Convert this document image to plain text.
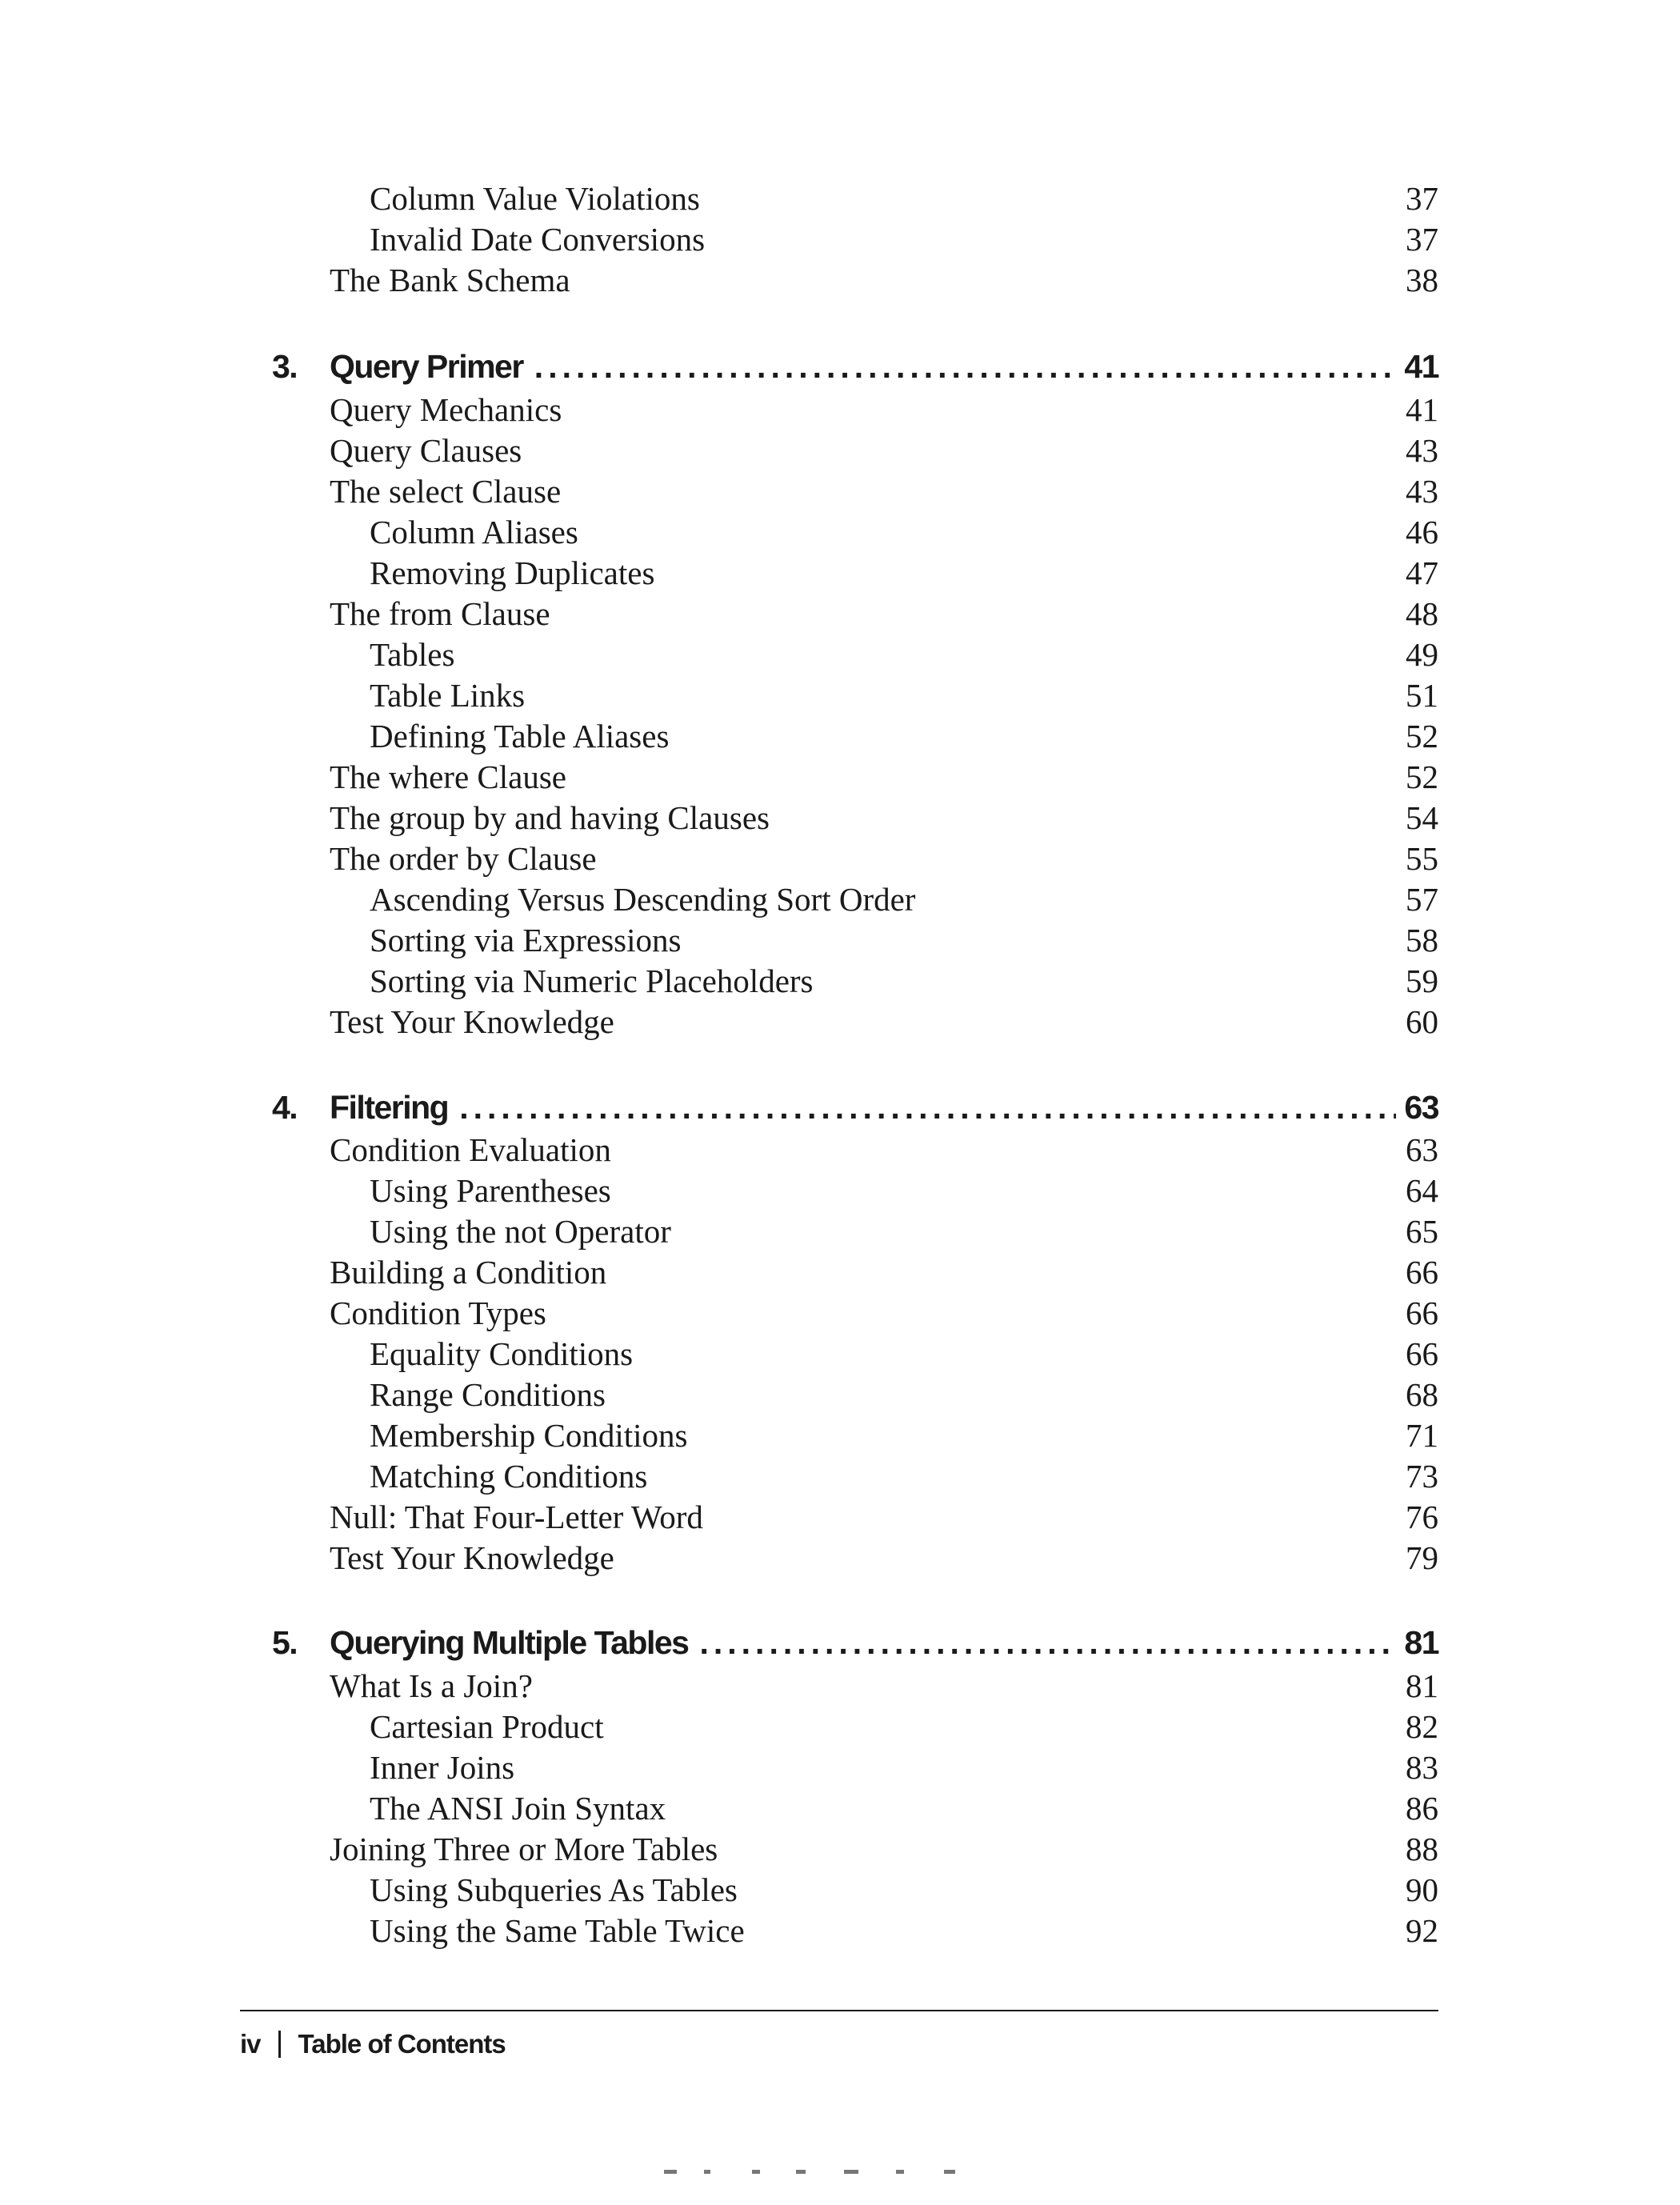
Column Value Violations	37
Invalid Date Conversions	37
The Bank Schema	38
3. Query Primer .....	41
Query Mechanics	41
Query Clauses	43
The select Clause	43
Column Aliases	46
Removing Duplicates	47
The from Clause	48
Tables	49
Table Links	51
Defining Table Aliases	52
The where Clause	52
The group by and having Clauses	54
The order by Clause	55
Ascending Versus Descending Sort Order	57
Sorting via Expressions	58
Sorting via Numeric Placeholders	59
Test Your Knowledge	60
4. Filtering .....	63
Condition Evaluation	63
Using Parentheses	64
Using the not Operator	65
Building a Condition	66
Condition Types	66
Equality Conditions	66
Range Conditions	68
Membership Conditions	71
Matching Conditions	73
Null: That Four-Letter Word	76
Test Your Knowledge	79
5. Querying Multiple Tables .....	81
What Is a Join?	81
Cartesian Product	82
Inner Joins	83
The ANSI Join Syntax	86
Joining Three or More Tables	88
Using Subqueries As Tables	90
Using the Same Table Twice	92
iv Table of Contents
